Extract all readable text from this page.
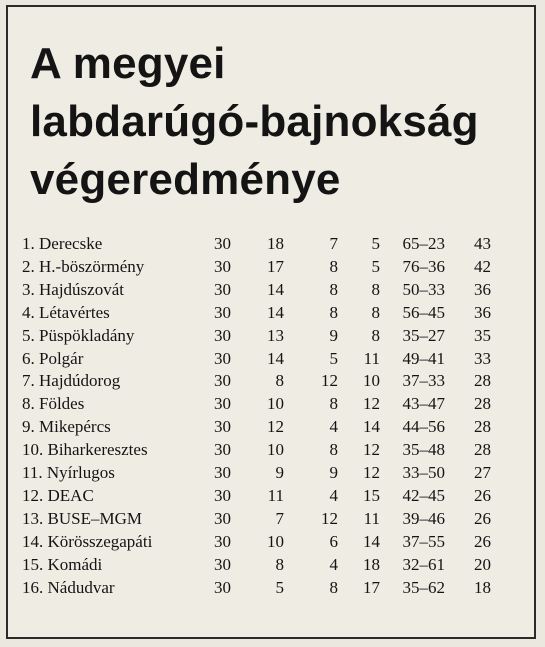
A megyei
labdarúgó-bajnokság
végeredménye
1. Derecske	30	18	7	5	65–23	43
2. H.-böszörmény	30	17	8	5	76–36	42
3. Hajdúszovát	30	14	8	8	50–33	36
4. Létavértes	30	14	8	8	56–45	36
5. Püspökladány	30	13	9	8	35–27	35
6. Polgár	30	14	5	11	49–41	33
7. Hajdúdorog	30	8	12	10	37–33	28
8. Földes	30	10	8	12	43–47	28
9. Mikepércs	30	12	4	14	44–56	28
10. Biharkeresztes	30	10	8	12	35–48	28
11. Nyírlugos	30	9	9	12	33–50	27
12. DEAC	30	11	4	15	42–45	26
13. BUSE–MGM	30	7	12	11	39–46	26
14. Körösszegapáti	30	10	6	14	37–55	26
15. Komádi	30	8	4	18	32–61	20
16. Nádudvar	30	5	8	17	35–62	18
